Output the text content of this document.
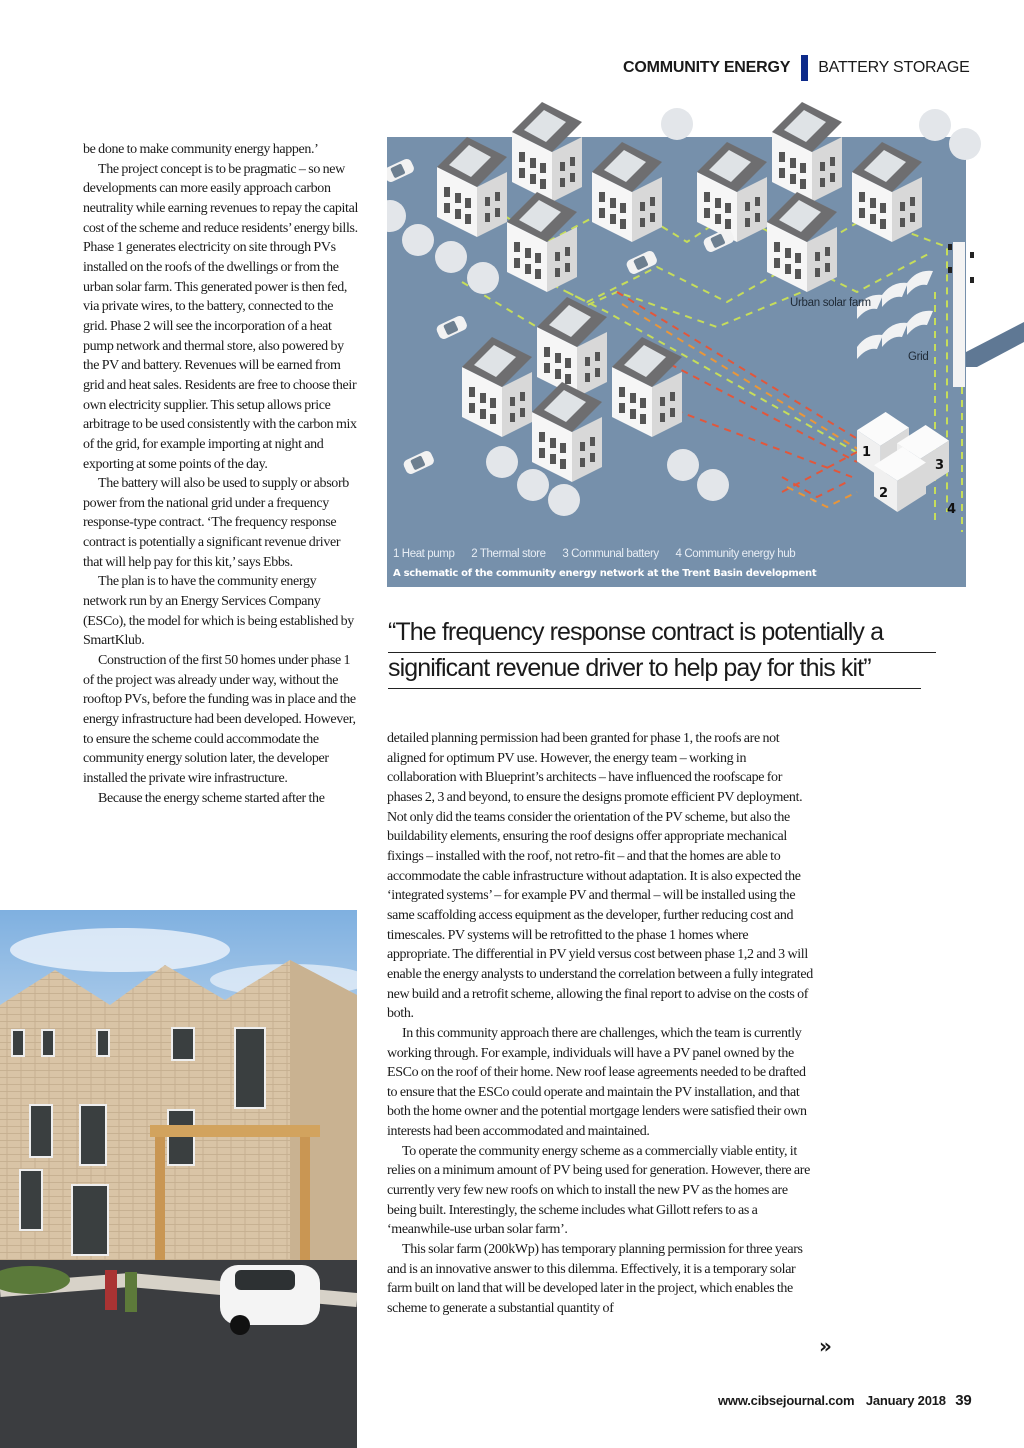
COMMUNITY ENERGY BATTERY STORAGE

be done to make community energy happen.’

The project concept is to be pragmatic – so new developments can more easily approach carbon neutrality while earning revenues to repay the capital cost of the scheme and reduce residents’ energy bills. Phase 1 generates electricity on site through PVs installed on the roofs of the dwellings or from the urban solar farm. This generated power is then fed, via private wires, to the battery, connected to the grid. Phase 2 will see the incorporation of a heat pump network and thermal store, also powered by the PV and battery. Revenues will be earned from grid and heat sales. Residents are free to choose their own electricity supplier. This setup allows price arbitrage to be used consistently with the carbon mix of the grid, for example importing at night and exporting at some points of the day.

The battery will also be used to supply or absorb power from the national grid under a frequency response-type contract. ‘The frequency response contract is potentially a significant revenue driver that will help pay for this kit,’ says Ebbs.

The plan is to have the community energy network run by an Energy Services Company (ESCo), the model for which is being established by SmartKlub.

Construction of the first 50 homes under phase 1 of the project was already under way, without the rooftop PVs, before the funding was in place and the energy infrastructure had been developed. However, to ensure the scheme could accommodate the community energy solution later, the developer installed the private wire infrastructure.

Because the energy scheme started after the

Urban solar farm
Grid
1
2
3
4
1 Heat pump 2 Thermal store 3 Communal battery 4 Community energy hub
A schematic of the community energy network at the Trent Basin development
“The frequency response contract is potentially a
significant revenue driver to help pay for this kit”

detailed planning permission had been granted for phase 1, the roofs are not aligned for optimum PV use. However, the energy team – working in collaboration with Blueprint’s architects – have influenced the roofscape for phases 2, 3 and beyond, to ensure the designs promote efficient PV deployment. Not only did the teams consider the orientation of the PV scheme, but also the buildability elements, ensuring the roof designs offer appropriate mechanical fixings – installed with the roof, not retro-fit – and that the homes are able to accommodate the cable infrastructure without adaptation. It is also expected the ‘integrated systems’ – for example PV and thermal – will be installed using the same scaffolding access equipment as the developer, further reducing cost and timescales. PV systems will be retrofitted to the phase 1 homes where appropriate. The differential in PV yield versus cost between phase 1,2 and 3 will enable the energy analysts to understand the correlation between a fully integrated new build and a retrofit scheme, allowing the final report to advise on the costs of both.

In this community approach there are challenges, which the team is currently working through. For example, individuals will have a PV panel owned by the ESCo on the roof of their home. New roof lease agreements needed to be drafted to ensure that the ESCo could operate and maintain the PV installation, and that both the home owner and the potential mortgage lenders were satisfied their own interests had been accommodated and maintained.

To operate the community energy scheme as a commercially viable entity, it relies on a minimum amount of PV being used for generation. However, there are currently very few new roofs on which to install the new PV as the homes are being built. Interestingly, the scheme includes what Gillott refers to as a ‘meanwhile-use urban solar farm’.

This solar farm (200kWp) has temporary planning permission for three years and is an innovative answer to this dilemma. Effectively, it is a temporary solar farm built on land that will be developed later in the project, which enables the scheme to generate a substantial quantity of

»
www.cibsejournal.com January 2018 39
